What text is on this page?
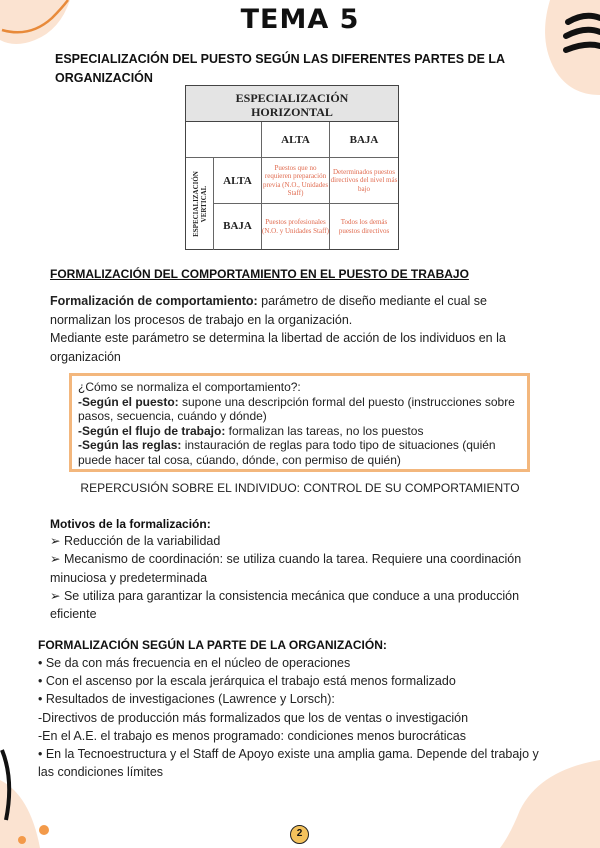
TEMA 5
ESPECIALIZACIÓN DEL PUESTO SEGÚN LAS DIFERENTES PARTES DE LA ORGANIZACIÓN
ESPECIALIZACIÓN
HORIZONTAL
ALTA	BAJA
ESPECIALIZACIÓN VERTICAL
ALTA
Puestos que no requieren preparación previa (N.O., Unidades Staff)
Determinados puestos directivos del nivel más bajo
BAJA	Puestos profesionales (N.O. y Unidades Staff)
Todos los demás puestos directivos
FORMALIZACIÓN DEL COMPORTAMIENTO EN EL PUESTO DE TRABAJO

Formalización de comportamiento: parámetro de diseño mediante el cual se normalizan los procesos de trabajo en la organización.

Mediante este parámetro se determina la libertad de acción de los individuos en la organización

¿Cómo se normaliza el comportamiento?:

-Según el puesto: supone una descripción formal del puesto (instrucciones sobre pasos, secuencia, cuándo y dónde)

-Según el flujo de trabajo: formalizan las tareas, no los puestos

-Según las reglas: instauración de reglas para todo tipo de situaciones (quién puede hacer tal cosa, cúando, dónde, con permiso de quién)

REPERCUSIÓN SOBRE EL INDIVIDUO: CONTROL DE SU COMPORTAMIENTO
Motivos de la formalización:

➢ Reducción de la variabilidad

➢ Mecanismo de coordinación: se utiliza cuando la tarea. Requiere una coordinación minuciosa y predeterminada

➢ Se utiliza para garantizar la consistencia mecánica que conduce a una producción eficiente

FORMALIZACIÓN SEGÚN LA PARTE DE LA ORGANIZACIÓN:

• Se da con más frecuencia en el núcleo de operaciones

• Con el ascenso por la escala jerárquica el trabajo está menos formalizado

• Resultados de investigaciones (Lawrence y Lorsch):

-Directivos de producción más formalizados que los de ventas o investigación

-En el A.E. el trabajo es menos programado: condiciones menos burocráticas

• En la Tecnoestructura y el Staff de Apoyo existe una amplia gama. Depende del trabajo y las condiciones límites

2
